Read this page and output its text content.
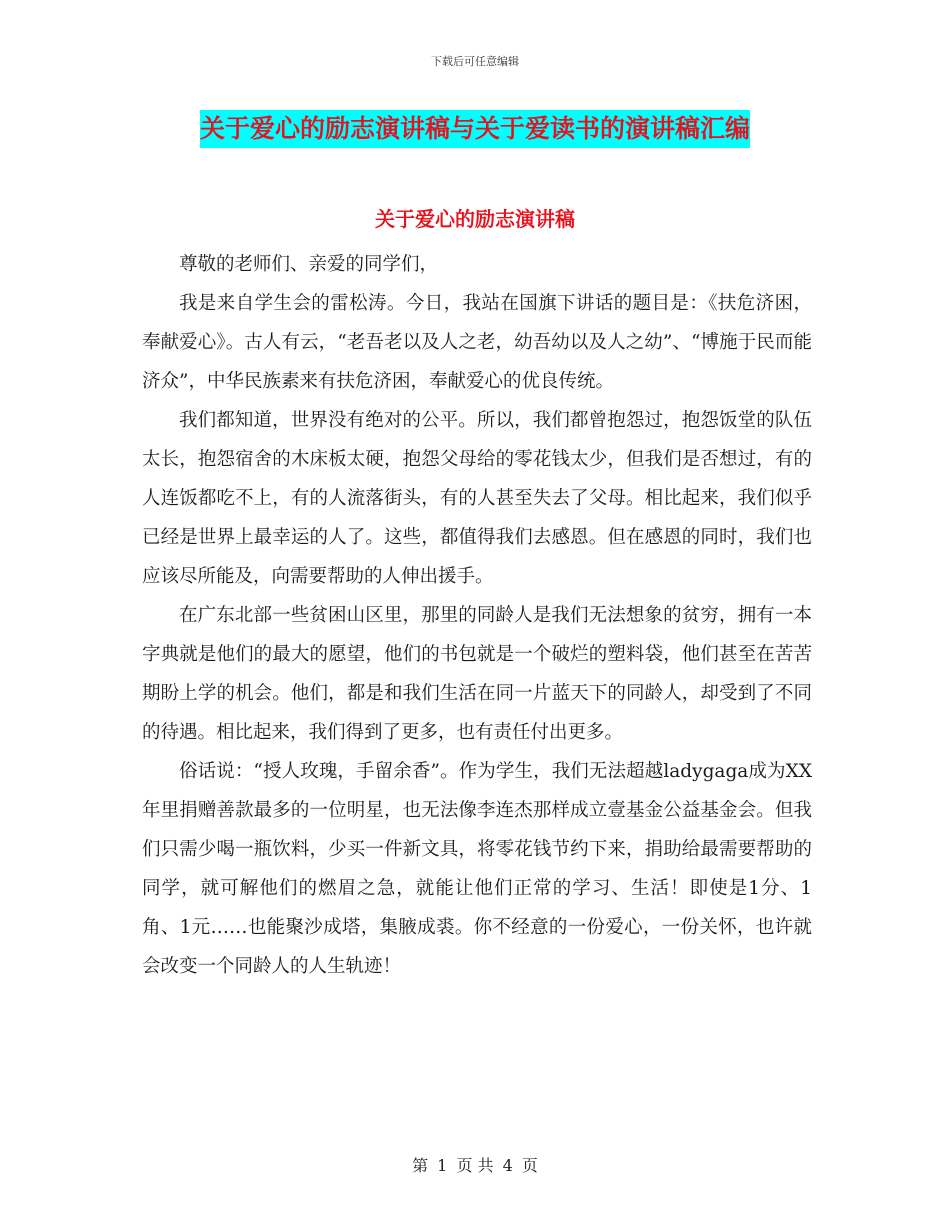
下载后可任意编辑
关于爱心的励志演讲稿与关于爱读书的演讲稿汇编
关于爱心的励志演讲稿

尊敬的老师们、亲爱的同学们，

我是来自学生会的雷松涛。今日，我站在国旗下讲话的题目是：《扶危济困，奉献爱心》。古人有云，“老吾老以及人之老，幼吾幼以及人之幼”、“博施于民而能济众”，中华民族素来有扶危济困，奉献爱心的优良传统。

我们都知道，世界没有绝对的公平。所以，我们都曾抱怨过，抱怨饭堂的队伍太长，抱怨宿舍的木床板太硬，抱怨父母给的零花钱太少，但我们是否想过，有的人连饭都吃不上，有的人流落街头，有的人甚至失去了父母。相比起来，我们似乎已经是世界上最幸运的人了。这些，都值得我们去感恩。但在感恩的同时，我们也应该尽所能及，向需要帮助的人伸出援手。

在广东北部一些贫困山区里，那里的同龄人是我们无法想象的贫穷，拥有一本字典就是他们的最大的愿望，他们的书包就是一个破烂的塑料袋，他们甚至在苦苦期盼上学的机会。他们，都是和我们生活在同一片蓝天下的同龄人，却受到了不同的待遇。相比起来，我们得到了更多，也有责任付出更多。

俗话说：“授人玫瑰，手留余香”。作为学生，我们无法超越ladygaga成为XX年里捐赠善款最多的一位明星，也无法像李连杰那样成立壹基金公益基金会。但我们只需少喝一瓶饮料，少买一件新文具，将零花钱节约下来，捐助给最需要帮助的同学，就可解他们的燃眉之急，就能让他们正常的学习、生活！即使是1分、1角、1元……也能聚沙成塔，集腋成裘。你不经意的一份爱心，一份关怀，也许就会改变一个同龄人的人生轨迹！

第 1 页 共 4 页
